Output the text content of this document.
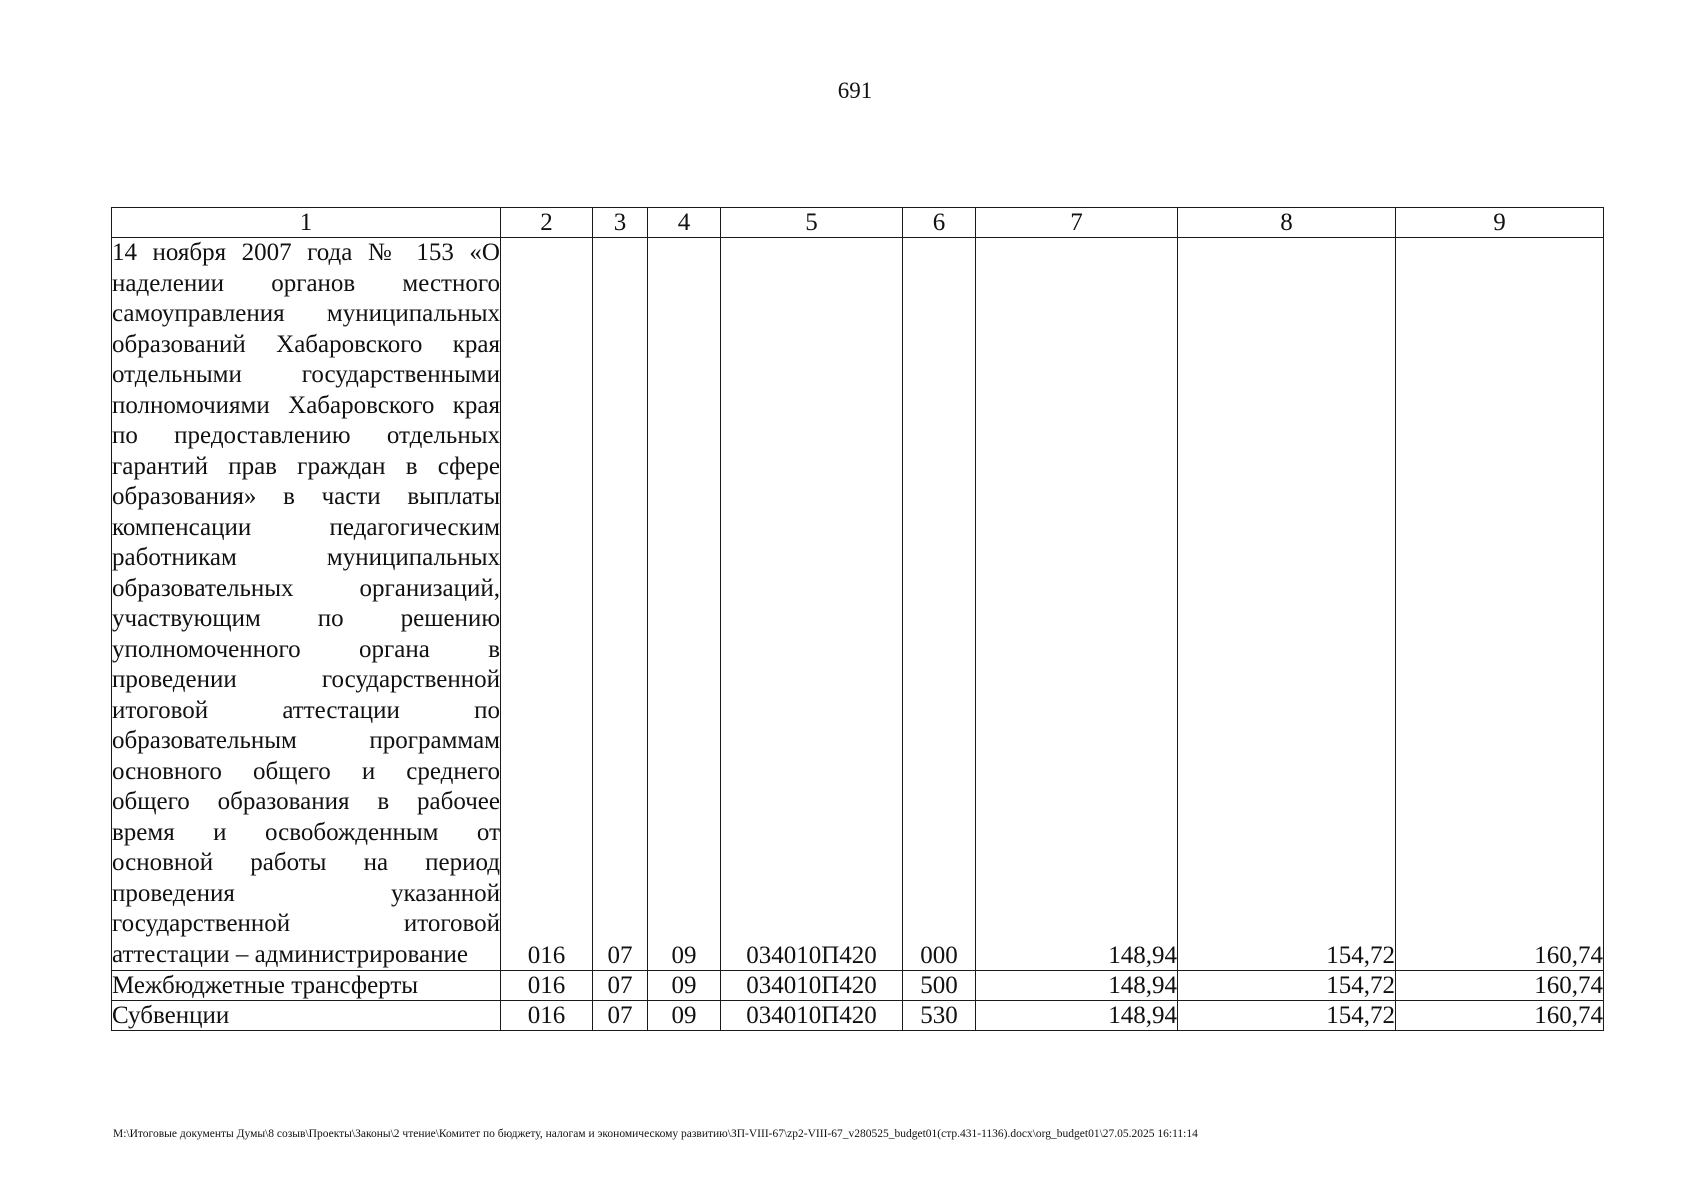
691
1	2	3	4	5	6	7	8	9
14 ноября 2007 года № 153 «О наделении органов местного самоуправления муниципальных образований Хабаровского края отдельными государственными полномочиями Хабаровского края по предоставлению отдельных гарантий прав граждан в сфере образования» в части выплаты компенсации педагогическим работникам муниципальных образовательных организаций, участвующим по решению уполномоченного органа в проведении государственной итоговой аттестации по образовательным программам основного общего и среднего общего образования в рабочее время и освобожденным от основной работы на период проведения указанной государственной итоговой аттестации – администрирование	016	07	09	034010П420	000	148,94	154,72	160,74
Межбюджетные трансферты	016	07	09	034010П420	500	148,94	154,72	160,74
Субвенции	016	07	09	034010П420	530	148,94	154,72	160,74
M:\Итоговые документы Думы\8 созыв\Проекты\Законы\2 чтение\Комитет по бюджету, налогам и экономическому развитию\ЗП-VIII-67\zp2-VIII-67_v280525_budget01(стр.431-1136).docx\org_budget01\27.05.2025 16:11:14
